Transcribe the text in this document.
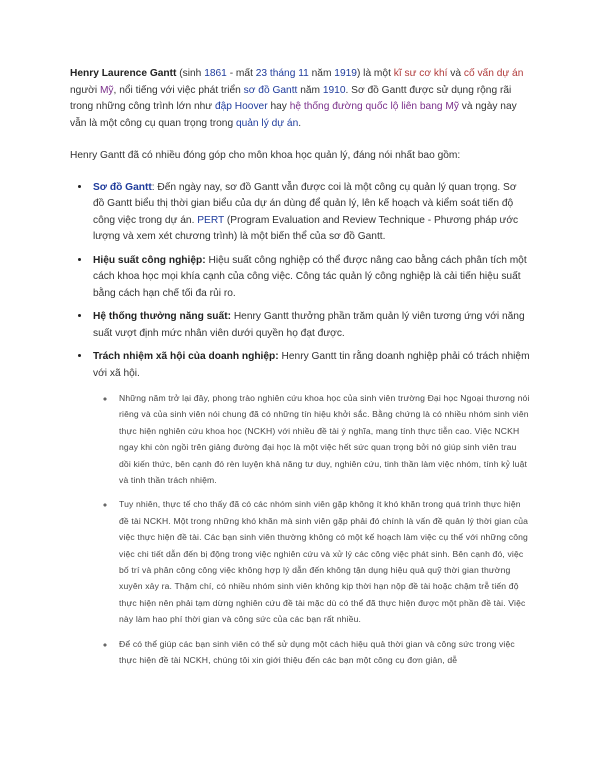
Henry Laurence Gantt (sinh 1861 - mất 23 tháng 11 năm 1919) là một kĩ sư cơ khí và cố vấn dự án người Mỹ, nổi tiếng với việc phát triển sơ đồ Gantt năm 1910. Sơ đồ Gantt được sử dụng rộng rãi trong những công trình lớn như đập Hoover hay hệ thống đường quốc lộ liên bang Mỹ và ngày nay vẫn là một công cụ quan trọng trong quản lý dự án.

Henry Gantt đã có nhiều đóng góp cho môn khoa học quản lý, đáng nói nhất bao gồm:

• Sơ đồ Gantt: Đến ngày nay, sơ đồ Gantt vẫn được coi là một công cụ quản lý quan trọng. Sơ đồ Gantt biểu thị thời gian biểu của dự án dùng để quản lý, lên kế hoạch và kiểm soát tiến độ công việc trong dự án. PERT (Program Evaluation and Review Technique - Phương pháp ước lượng và xem xét chương trình) là một biến thể của sơ đồ Gantt.
• Hiệu suất công nghiệp: Hiệu suất công nghiệp có thể được nâng cao bằng cách phân tích một cách khoa học mọi khía cạnh của công việc. Công tác quản lý công nghiệp là cải tiến hiệu suất bằng cách hạn chế tối đa rủi ro.
• Hệ thống thưởng năng suất: Henry Gantt thưởng phần trăm quản lý viên tương ứng với năng suất vượt định mức nhân viên dưới quyền họ đạt được.
• Trách nhiệm xã hội của doanh nghiệp: Henry Gantt tin rằng doanh nghiệp phải có trách nhiệm với xã hội.
◦ Những năm trở lại đây, phong trào nghiên cứu khoa học của sinh viên trường Đại học Ngoại thương nói riêng và của sinh viên nói chung đã có những tín hiệu khởi sắc. Bằng chứng là có nhiều nhóm sinh viên thực hiện nghiên cứu khoa học (NCKH) với nhiều đề tài ý nghĩa, mang tính thực tiễn cao. Việc NCKH ngay khi còn ngồi trên giảng đường đại học là một việc hết sức quan trọng bởi nó giúp sinh viên trau dồi kiến thức, bên cạnh đó rèn luyện khả năng tư duy, nghiên cứu, tinh thần làm việc nhóm, tính kỷ luật và tinh thần trách nhiệm.
◦ Tuy nhiên, thực tế cho thấy đã có các nhóm sinh viên gặp không ít khó khăn trong quá trình thực hiện đề tài NCKH. Một trong những khó khăn mà sinh viên gặp phải đó chính là vấn đề quản lý thời gian của việc thực hiện đề tài. Các bạn sinh viên thường không có một kế hoạch làm việc cụ thể với những công việc chi tiết dẫn đến bị động trong việc nghiên cứu và xử lý các công việc phát sinh. Bên cạnh đó, việc bố trí và phân công công việc không hợp lý dẫn đến không tận dụng hiệu quả quỹ thời gian thường xuyên xảy ra. Thậm chí, có nhiều nhóm sinh viên không kịp thời hạn nộp đề tài hoặc chậm trễ tiến độ thực hiện nên phải tạm dừng nghiên cứu đề tài mặc dù có thể đã thực hiện được một phần đề tài. Việc này làm hao phí thời gian và công sức của các bạn rất nhiều.
◦ Để có thể giúp các bạn sinh viên có thể sử dụng một cách hiệu quả thời gian và công sức trong việc thực hiện đề tài NCKH, chúng tôi xin giới thiệu đến các bạn một công cụ đơn giản, dễ
